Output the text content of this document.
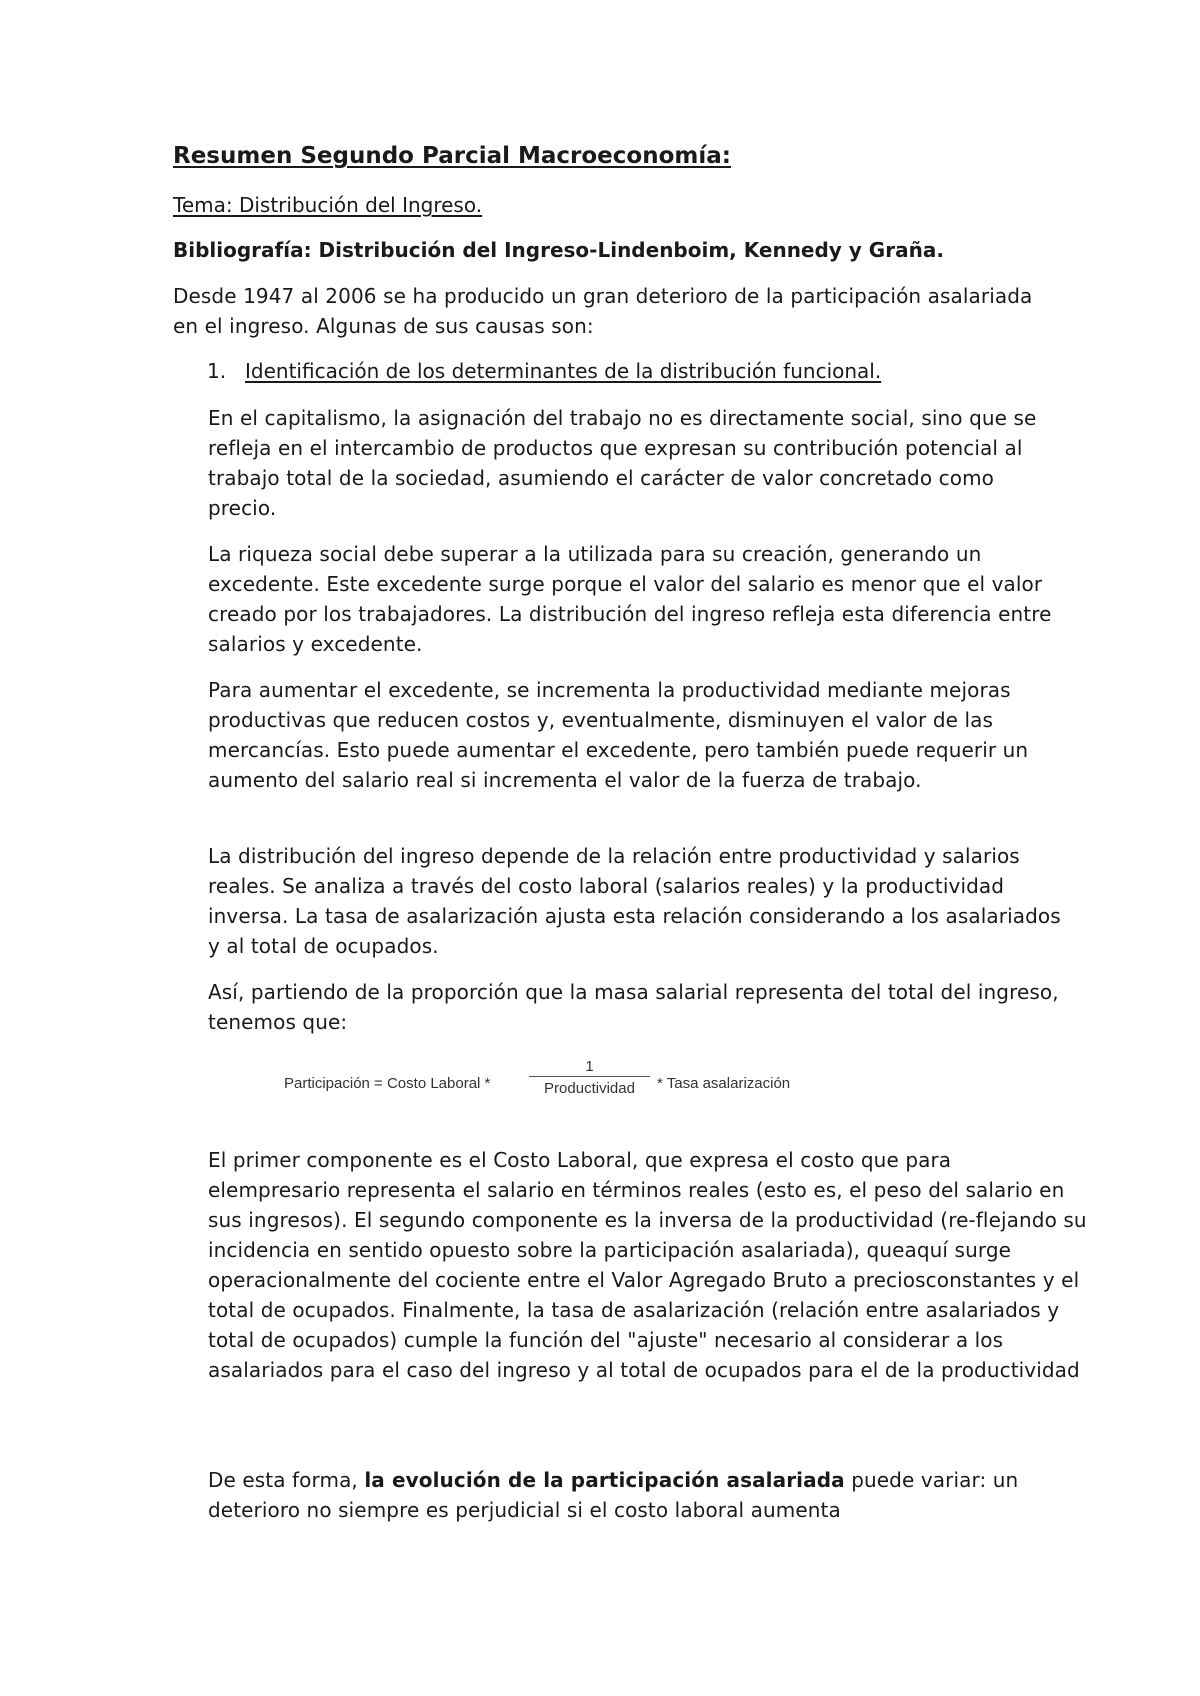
Resumen Segundo Parcial Macroeconomía:

Tema: Distribución del Ingreso.

Bibliografía: Distribución del Ingreso-Lindenboim, Kennedy y Graña.

Desde 1947 al 2006 se ha producido un gran deterioro de la participación asalariada en el ingreso. Algunas de sus causas son:

1. Identificación de los determinantes de la distribución funcional.

En el capitalismo, la asignación del trabajo no es directamente social, sino que se refleja en el intercambio de productos que expresan su contribución potencial al trabajo total de la sociedad, asumiendo el carácter de valor concretado como precio.

La riqueza social debe superar a la utilizada para su creación, generando un excedente. Este excedente surge porque el valor del salario es menor que el valor creado por los trabajadores. La distribución del ingreso refleja esta diferencia entre salarios y excedente.

Para aumentar el excedente, se incrementa la productividad mediante mejoras productivas que reducen costos y, eventualmente, disminuyen el valor de las mercancías. Esto puede aumentar el excedente, pero también puede requerir un aumento del salario real si incrementa el valor de la fuerza de trabajo.

La distribución del ingreso depende de la relación entre productividad y salarios reales. Se analiza a través del costo laboral (salarios reales) y la productividad inversa. La tasa de asalarización ajusta esta relación considerando a los asalariados y al total de ocupados.

Así, partiendo de la proporción que la masa salarial representa del total del ingreso, tenemos que:

Participación = Costo Laboral *
1
Productividad	* Tasa asalarización

El primer componente es el Costo Laboral, que expresa el costo que para elempresario representa el salario en términos reales (esto es, el peso del salario en sus ingresos). El segundo componente es la inversa de la productividad (re-flejando su incidencia en sentido opuesto sobre la participación asalariada), queaquí surge operacionalmente del cociente entre el Valor Agregado Bruto a preciosconstantes y el total de ocupados. Finalmente, la tasa de asalarización (relación entre asalariados y total de ocupados) cumple la función del "ajuste" necesario al considerar a los asalariados para el caso del ingreso y al total de ocupados para el de la productividad

De esta forma, la evolución de la participación asalariada puede variar: un deterioro no siempre es perjudicial si el costo laboral aumenta
